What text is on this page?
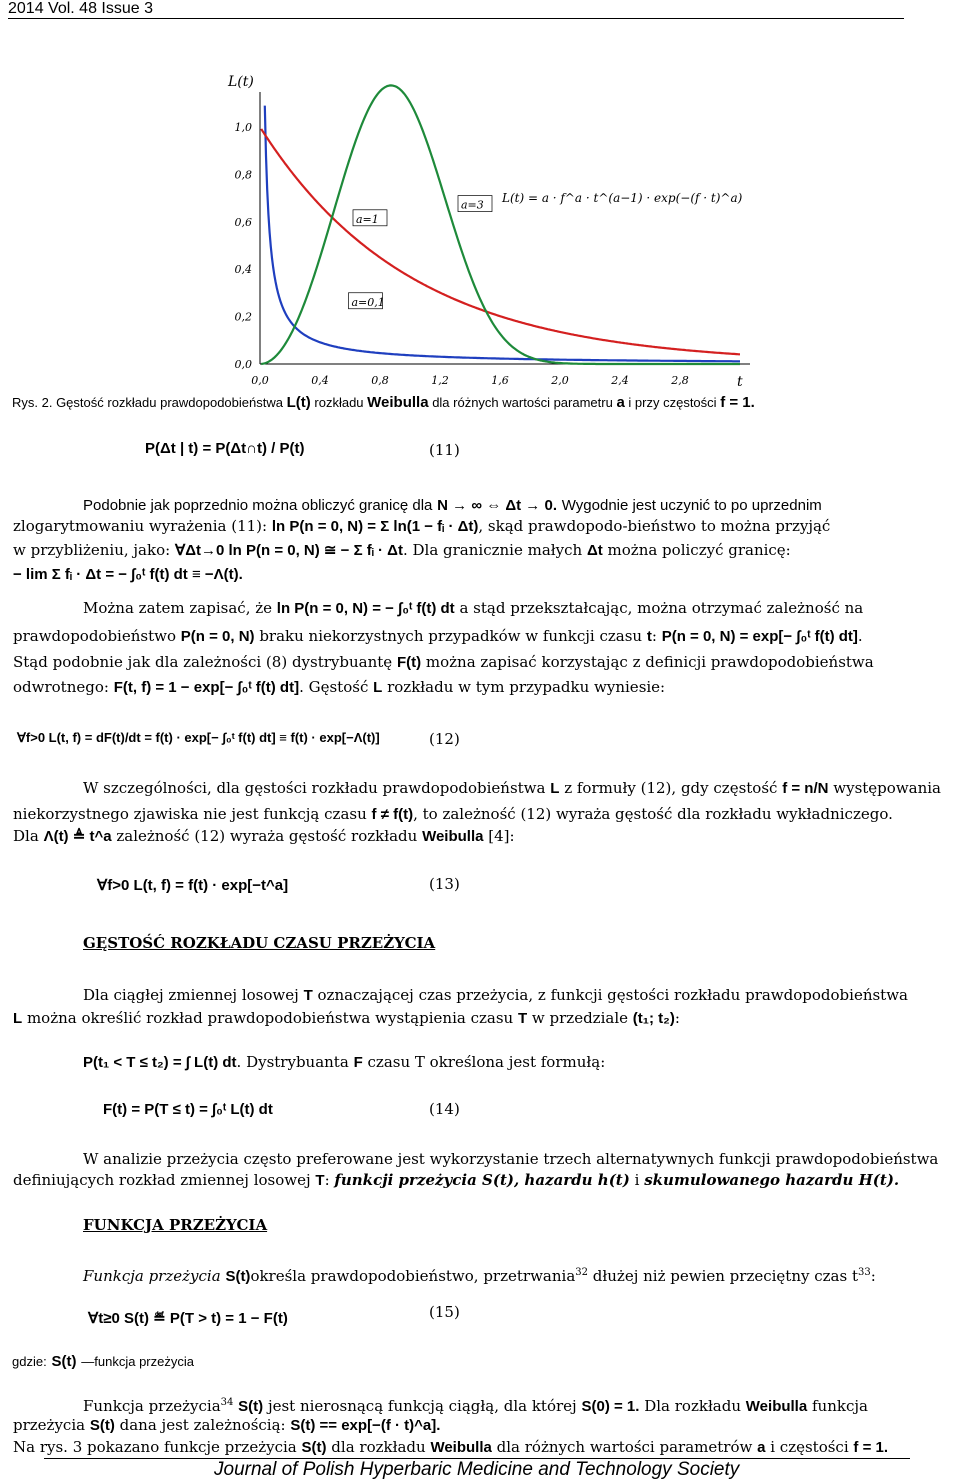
2014 Vol. 48 Issue 3
L(t)
t
0,0
0,2
0,4
0,6
0,8
1,0
0,0	0,4	0,8	1,2	1,6	2,0	2,4	2,8
a=0,1
a=1
a=3
L(t) = a · f^a · t^(a−1) · exp(−(f · t)^a)
Rys. 2. Gęstość rozkładu prawdopodobieństwa L(t) rozkładu Weibulla dla różnych wartości parametru a i przy częstości f = 1.
P(Δt | t) = P(Δt∩t) / P(t)	(11)
Podobnie jak poprzednio można obliczyć granicę dla N → ∞ ⇔ Δt → 0. Wygodnie jest uczynić to po uprzednim
zlogarytmowaniu wyrażenia (11): ln P(n = 0, N) = Σ ln(1 − fᵢ · Δt), skąd prawdopodo-bieństwo to można przyjąć
w przybliżeniu, jako: ∀Δt→0 ln P(n = 0, N) ≅ − Σ fᵢ · Δt. Dla granicznie małych Δt można policzyć granicę:
− lim Σ fᵢ · Δt = − ∫₀ᵗ f(t) dt ≡ −Λ(t).
Można zatem zapisać, że ln P(n = 0, N) = − ∫₀ᵗ f(t) dt a stąd przekształcając, można otrzymać zależność na
prawdopodobieństwo P(n = 0, N) braku niekorzystnych przypadków w funkcji czasu t: P(n = 0, N) = exp[− ∫₀ᵗ f(t) dt].
Stąd podobnie jak dla zależności (8) dystrybuantę F(t) można zapisać korzystając z definicji prawdopodobieństwa
odwrotnego: F(t, f) = 1 − exp[− ∫₀ᵗ f(t) dt]. Gęstość L rozkładu w tym przypadku wyniesie:
∀f>0 L(t, f) = dF(t)/dt = f(t) · exp[− ∫₀ᵗ f(t) dt] ≡ f(t) · exp[−Λ(t)]	(12)
W szczególności, dla gęstości rozkładu prawdopodobieństwa L z formuły (12), gdy częstość f = n/N występowania
niekorzystnego zjawiska nie jest funkcją czasu f ≠ f(t), to zależność (12) wyraża gęstość dla rozkładu wykładniczego.
Dla Λ(t) ≜ t^a zależność (12) wyraża gęstość rozkładu Weibulla [4]:
∀f>0 L(t, f) = f(t) · exp[−t^a]	(13)
GĘSTOŚĆ ROZKŁADU CZASU PRZEŻYCIA
Dla ciągłej zmiennej losowej T oznaczającej czas przeżycia, z funkcji gęstości rozkładu prawdopodobieństwa
L można określić rozkład prawdopodobieństwa wystąpienia czasu T w przedziale (t₁; t₂):
P(t₁ < T ≤ t₂) = ∫ L(t) dt. Dystrybuanta F czasu T określona jest formułą:
F(t) = P(T ≤ t) = ∫₀ᵗ L(t) dt	(14)
W analizie przeżycia często preferowane jest wykorzystanie trzech alternatywnych funkcji prawdopodobieństwa
definiujących rozkład zmiennej losowej T: funkcji przeżycia S(t), hazardu h(t) i skumulowanego hazardu H(t).
FUNKCJA PRZEŻYCIA
Funkcja przeżycia S(t)określa prawdopodobieństwo, przetrwania$^{32}$ dłużej niż pewien przeciętny czas $t^{33}$:
∀t≥0 S(t) ≝ P(T > t) = 1 − F(t)	(15)
gdzie: S(t) —funkcja przeżycia
Funkcja przeżycia$^{34}$ S(t) jest nierosnącą funkcją ciągłą, dla której S(0) = 1. Dla rozkładu Weibulla funkcja
przeżycia S(t) dana jest zależnością: S(t) == exp[−(f · t)^a].
Na rys. 3 pokazano funkcje przeżycia S(t) dla rozkładu Weibulla dla różnych wartości parametrów a i częstości f = 1.
Journal of Polish Hyperbaric Medicine and Technology Society
